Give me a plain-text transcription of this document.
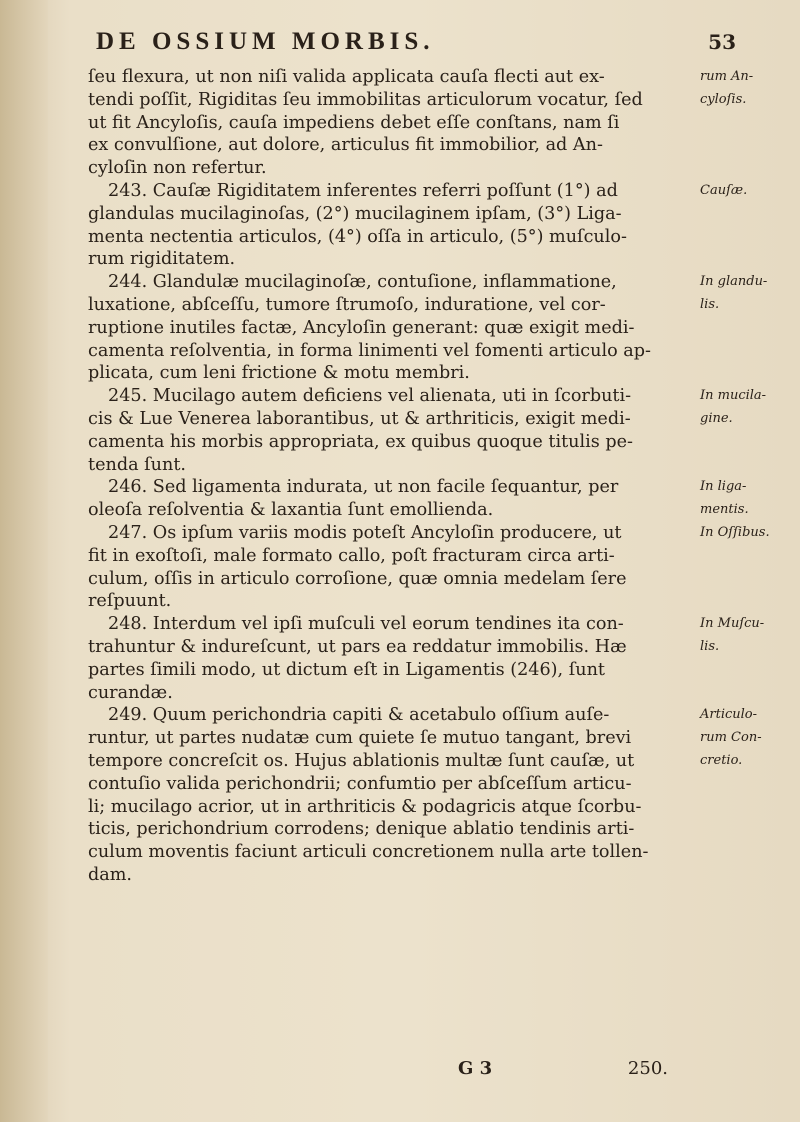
DE OSSIUM MORBIS.	53
ſeu flexura, ut non niſi valida applicata cauſa flecti aut ex-	rum An-
tendi poſſit, Rigiditas ſeu immobilitas articulorum vocatur, ſed	cyloſis.
ut fit Ancyloſis, cauſa impediens debet eſſe conſtans, nam ſi
ex convulſione, aut dolore, articulus fit immobilior, ad An-
cyloſin non refertur.
243. Cauſæ Rigiditatem inferentes referri poſſunt (1°) ad	Cauſæ.
glandulas mucilaginoſas, (2°) mucilaginem ipſam, (3°) Liga-
menta nectentia articulos, (4°) oſſa in articulo, (5°) muſculo-
rum rigiditatem.
244. Glandulæ mucilaginoſæ, contuſione, inflammatione,	In glandu-
luxatione, abſceſſu, tumore ſtrumoſo, induratione, vel cor-	lis.
ruptione inutiles factæ, Ancyloſin generant: quæ exigit medi-
camenta reſolventia, in forma linimenti vel fomenti articulo ap-
plicata, cum leni frictione & motu membri.
245. Mucilago autem deficiens vel alienata, uti in ſcorbuti-	In mucila-
cis & Lue Venerea laborantibus, ut & arthriticis, exigit medi-	gine.
camenta his morbis appropriata, ex quibus quoque titulis pe-
tenda ſunt.
246. Sed ligamenta indurata, ut non facile ſequantur, per	In liga-
oleoſa reſolventia & laxantia ſunt emollienda.	mentis.
247. Os ipſum variis modis poteſt Ancyloſin producere, ut	In Oſſibus.
fit in exoſtoſi, male formato callo, poſt fracturam circa arti-
culum, oſſis in articulo corroſione, quæ omnia medelam ſere
reſpuunt.
248. Interdum vel ipſi muſculi vel eorum tendines ita con-	In Muſcu-
trahuntur & indureſcunt, ut pars ea reddatur immobilis. Hæ	lis.
partes ſimili modo, ut dictum eſt in Ligamentis (246), ſunt
curandæ.
249. Quum perichondria capiti & acetabulo oſſium auſe-	Articulo-
runtur, ut partes nudatæ cum quiete ſe mutuo tangant, brevi	rum Con-
tempore concreſcit os. Hujus ablationis multæ ſunt cauſæ, ut	cretio.
contuſio valida perichondrii; confumtio per abſceſſum articu-
li; mucilago acrior, ut in arthriticis & podagricis atque ſcorbu-
ticis, perichondrium corrodens; denique ablatio tendinis arti-
culum moventis faciunt articuli concretionem nulla arte tollen-
dam.
G 3	250.
